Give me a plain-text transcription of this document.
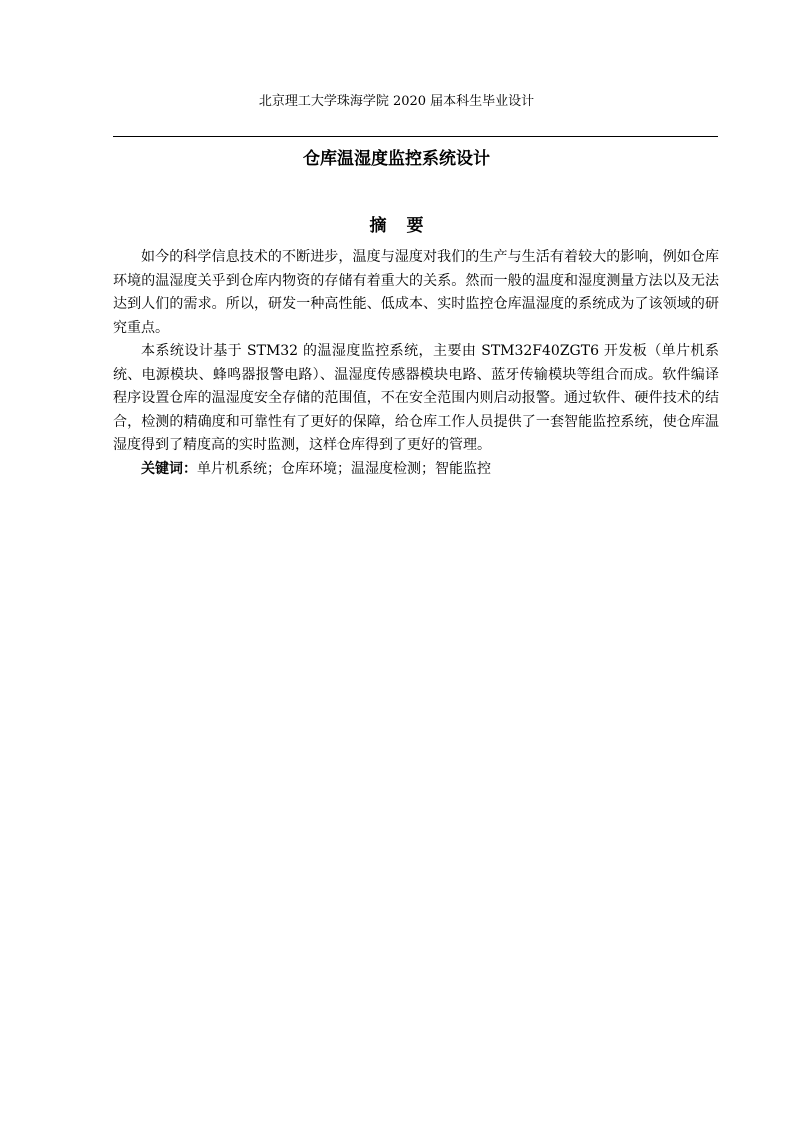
北京理工大学珠海学院 2020 届本科生毕业设计
仓库温湿度监控系统设计
摘要

如今的科学信息技术的不断进步，温度与湿度对我们的生产与生活有着较大的影响，例如仓库环境的温湿度关乎到仓库内物资的存储有着重大的关系。然而一般的温度和湿度测量方法以及无法达到人们的需求。所以，研发一种高性能、低成本、实时监控仓库温湿度的系统成为了该领域的研究重点。

本系统设计基于 STM32 的温湿度监控系统，主要由 STM32F40ZGT6 开发板（单片机系统、电源模块、蜂鸣器报警电路）、温湿度传感器模块电路、蓝牙传输模块等组合而成。软件编译程序设置仓库的温湿度安全存储的范围值，不在安全范围内则启动报警。通过软件、硬件技术的结合，检测的精确度和可靠性有了更好的保障，给仓库工作人员提供了一套智能监控系统，使仓库温湿度得到了精度高的实时监测，这样仓库得到了更好的管理。

关键词：单片机系统；仓库环境；温湿度检测；智能监控
